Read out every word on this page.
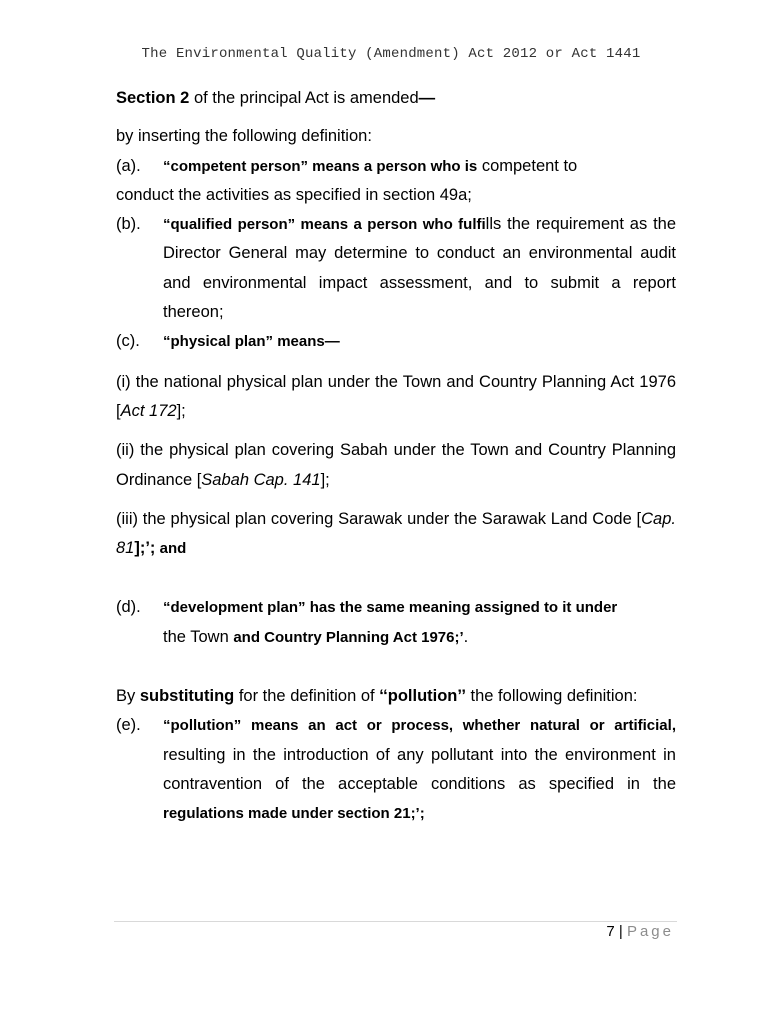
The Environmental Quality (Amendment) Act 2012 or Act 1441

Section 2 of the principal Act is amended—

by inserting the following definition:

(a).	“competent person” means a person who is competent to

conduct the activities as specified in section 49a;

(b).	“qualified person” means a person who fulfills the requirement as the Director General may determine to conduct an environmental audit and environmental impact assessment, and to submit a report thereon;
(c).	“physical plan” means—

(i) the national physical plan under the Town and Country Planning Act 1976 [Act 172];

(ii) the physical plan covering Sabah under the Town and Country Planning Ordinance [Sabah Cap. 141];

(iii) the physical plan covering Sarawak under the Sarawak Land Code [Cap. 81];’; and

(d).	“development plan” has the same meaning assigned to it under

the Town and Country Planning Act 1976;’.

By substituting for the definition of ‘‘pollution’’ the following definition:

(e).	“pollution” means an act or process, whether natural or artificial, resulting in the introduction of any pollutant into the environment in contravention of the acceptable conditions as specified in the regulations made under section 21;’;
7 | Page
